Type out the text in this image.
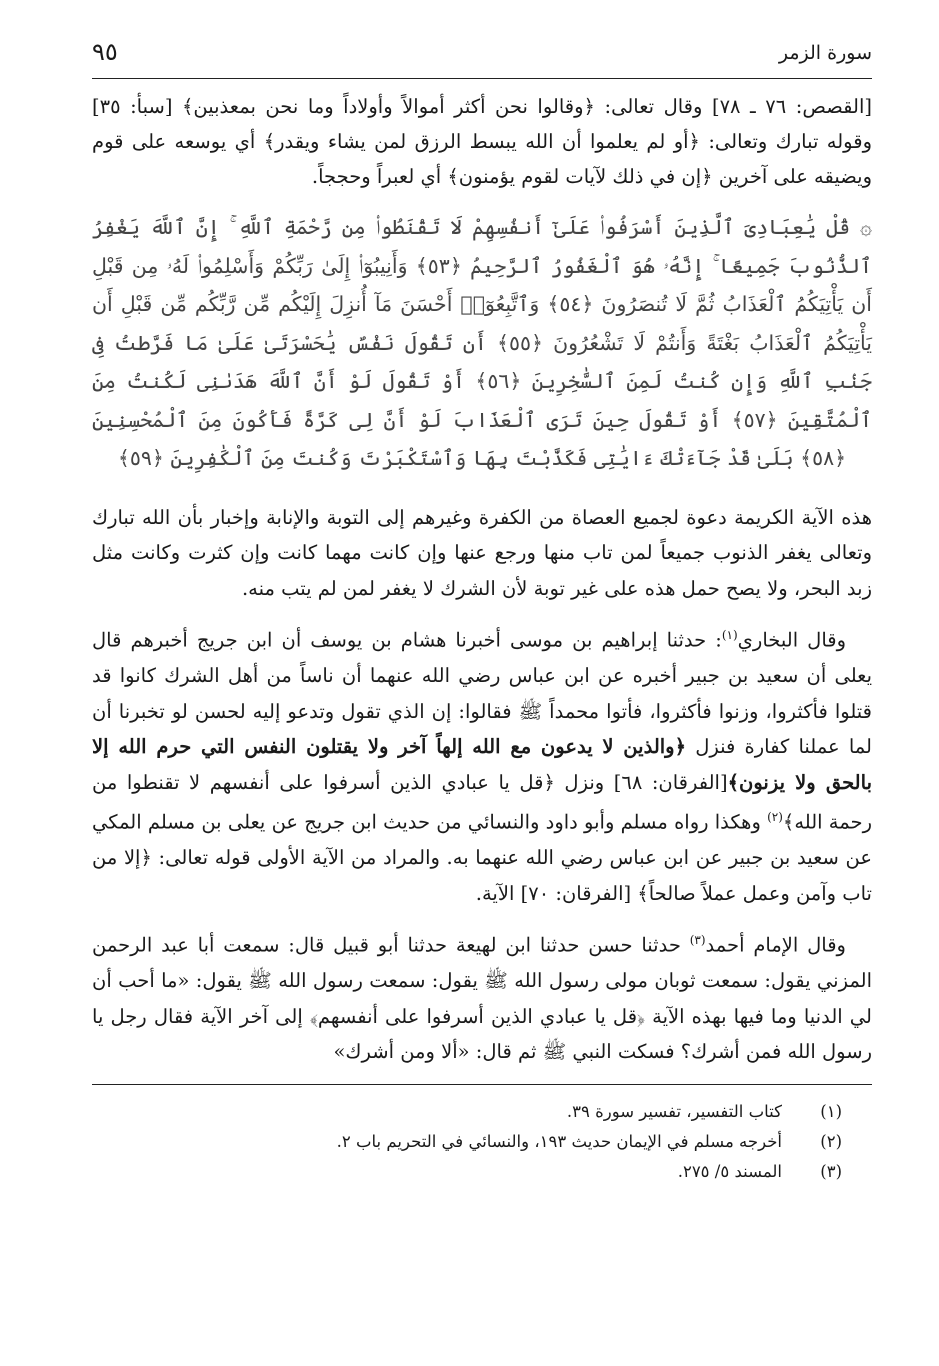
سورة الزمر
٩٥

[القصص: ٧٦ ـ ٧٨] وقال تعالى: ﴿وقالوا نحن أكثر أموالاً وأولاداً وما نحن بمعذبين﴾ [سبأ: ٣٥] وقوله تبارك وتعالى: ﴿أو لم يعلموا أن الله يبسط الرزق لمن يشاء ويقدر﴾ أي يوسعه على قوم ويضيقه على آخرين ﴿إن في ذلك لآيات لقوم يؤمنون﴾ أي لعبراً وحججاً.

۞ قُلْ يَٰعِبَادِىَ ٱلَّذِينَ أَسْرَفُوا۟ عَلَىٰٓ أَنفُسِهِمْ لَا تَقْنَطُوا۟ مِن رَّحْمَةِ ٱللَّهِ ۚ إِنَّ ٱللَّهَ يَغْفِرُ ٱلذُّنُوبَ جَمِيعًا ۚ إِنَّهُۥ هُوَ ٱلْغَفُورُ ٱلرَّحِيمُ ﴿٥٣﴾ وَأَنِيبُوٓا۟ إِلَىٰ رَبِّكُمْ وَأَسْلِمُوا۟ لَهُۥ مِن قَبْلِ أَن يَأْتِيَكُمُ ٱلْعَذَابُ ثُمَّ لَا تُنصَرُونَ ﴿٥٤﴾ وَٱتَّبِعُوٓا۟ أَحْسَنَ مَآ أُنزِلَ إِلَيْكُم مِّن رَّبِّكُم مِّن قَبْلِ أَن يَأْتِيَكُمُ ٱلْعَذَابُ بَغْتَةً وَأَنتُمْ لَا تَشْعُرُونَ ﴿٥٥﴾ أَن تَقُولَ نَفْسٌ يَٰحَسْرَتَىٰ عَلَىٰ مَا فَرَّطتُ فِى جَنۢبِ ٱللَّهِ وَإِن كُنتُ لَمِنَ ٱلسَّٰخِرِينَ ﴿٥٦﴾ أَوْ تَقُولَ لَوْ أَنَّ ٱللَّهَ هَدَىٰنِى لَكُنتُ مِنَ ٱلْمُتَّقِينَ ﴿٥٧﴾ أَوْ تَقُولَ حِينَ تَرَى ٱلْعَذَابَ لَوْ أَنَّ لِى كَرَّةً فَأَكُونَ مِنَ ٱلْمُحْسِنِينَ ﴿٥٨﴾ بَلَىٰ قَدْ جَآءَتْكَ ءَايَٰتِى فَكَذَّبْتَ بِهَا وَٱسْتَكْبَرْتَ وَكُنتَ مِنَ ٱلْكَٰفِرِينَ ﴿٥٩﴾

هذه الآية الكريمة دعوة لجميع العصاة من الكفرة وغيرهم إلى التوبة والإنابة وإخبار بأن الله تبارك وتعالى يغفر الذنوب جميعاً لمن تاب منها ورجع عنها وإن كانت مهما كانت وإن كثرت وكانت مثل زبد البحر، ولا يصح حمل هذه على غير توبة لأن الشرك لا يغفر لمن لم يتب منه.

وقال البخاري$^{(١)}$: حدثنا إبراهيم بن موسى أخبرنا هشام بن يوسف أن ابن جريج أخبرهم قال يعلى أن سعيد بن جبير أخبره عن ابن عباس رضي الله عنهما أن ناساً من أهل الشرك كانوا قد قتلوا فأكثروا، وزنوا فأكثروا، فأتوا محمداً ﷺ فقالوا: إن الذي تقول وتدعو إليه لحسن لو تخبرنا أن لما عملنا كفارة فنزل ﴿والذين لا يدعون مع الله إلهاً آخر ولا يقتلون النفس التي حرم الله إلا بالحق ولا يزنون﴾[الفرقان: ٦٨] ونزل ﴿قل يا عبادي الذين أسرفوا على أنفسهم لا تقنطوا من رحمة الله﴾$^{(٢)}$ وهكذا رواه مسلم وأبو داود والنسائي من حديث ابن جريج عن يعلى بن مسلم المكي عن سعيد بن جبير عن ابن عباس رضي الله عنهما به. والمراد من الآية الأولى قوله تعالى: ﴿إلا من تاب وآمن وعمل عملاً صالحاً﴾ [الفرقان: ٧٠] الآية.

وقال الإمام أحمد$^{(٣)}$ حدثنا حسن حدثنا ابن لهيعة حدثنا أبو قبيل قال: سمعت أبا عبد الرحمن المزني يقول: سمعت ثوبان مولى رسول الله ﷺ يقول: سمعت رسول الله ﷺ يقول: «ما أحب أن لي الدنيا وما فيها بهذه الآية ﴿قل يا عبادي الذين أسرفوا على أنفسهم﴾ إلى آخر الآية فقال رجل يا رسول الله فمن أشرك؟ فسكت النبي ﷺ ثم قال: «ألا ومن أشرك»

(١)
كتاب التفسير، تفسير سورة ٣٩.
(٢)
أخرجه مسلم في الإيمان حديث ١٩٣، والنسائي في التحريم باب ٢.
(٣)
المسند ٥/ ٢٧٥.
